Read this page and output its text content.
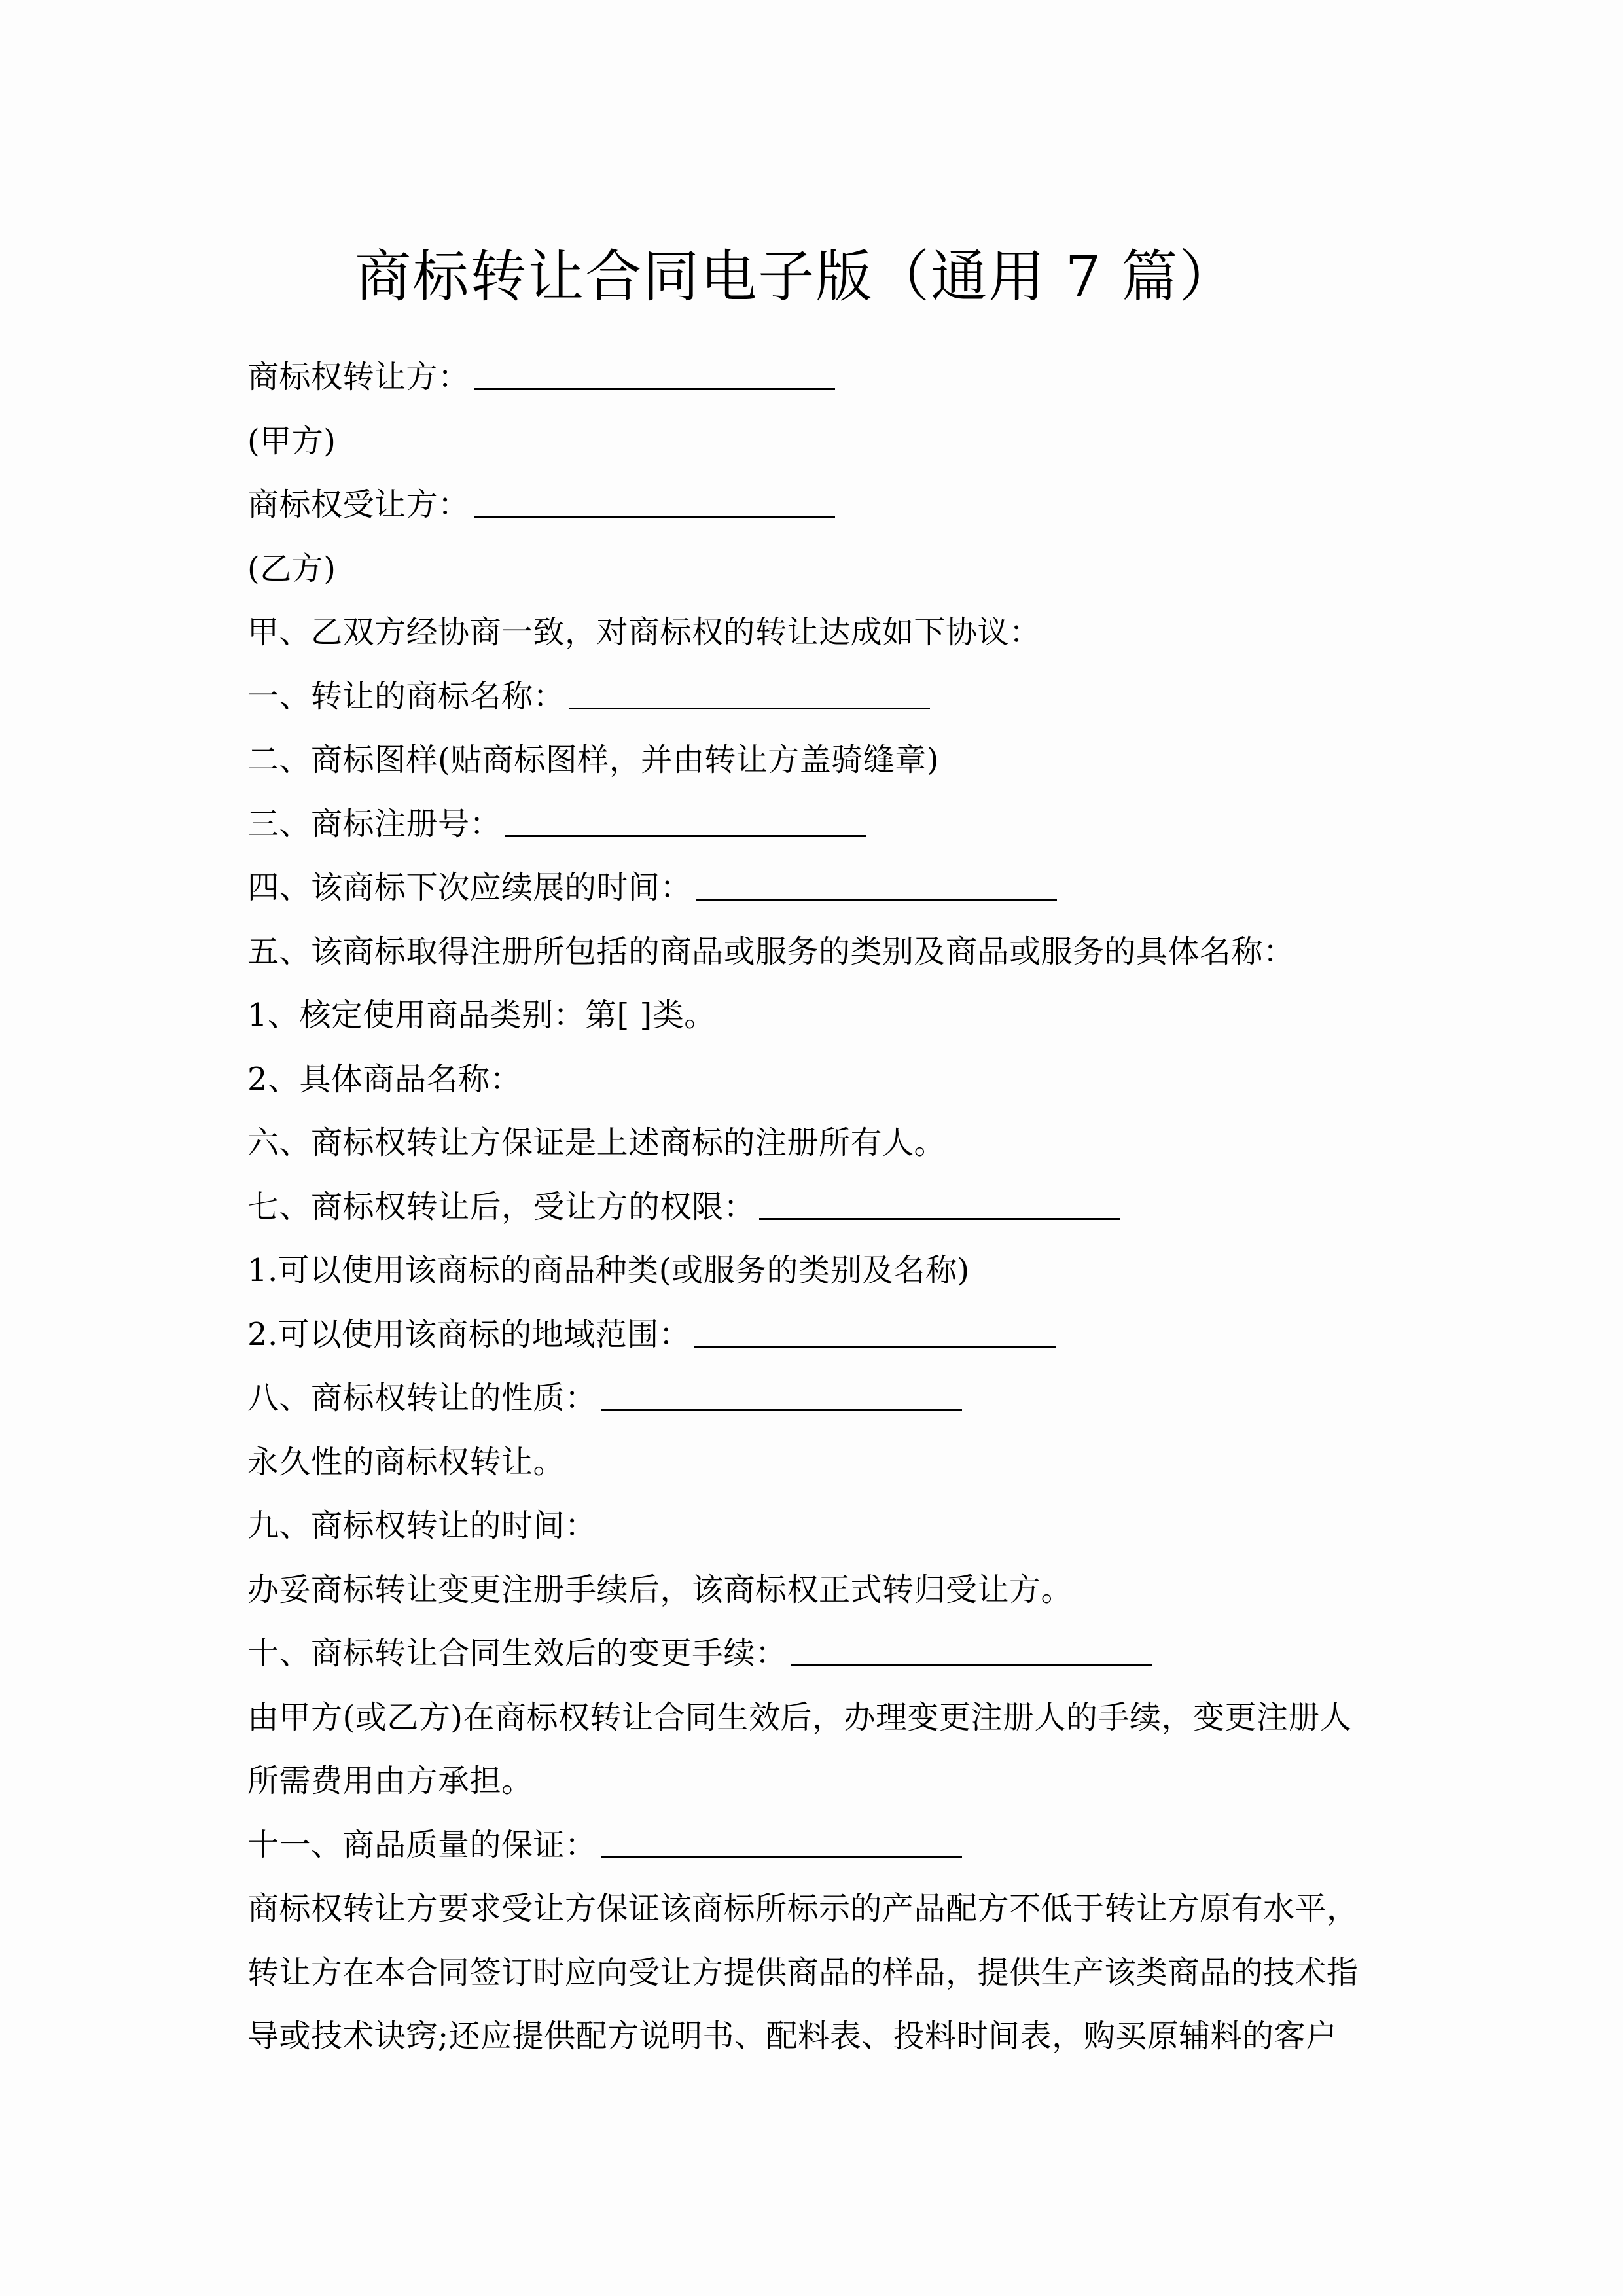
商标转让合同电子版（通用 7 篇）
商标权转让方：
(甲方)
商标权受让方：
(乙方)
甲、乙双方经协商一致，对商标权的转让达成如下协议：
一、转让的商标名称：
二、商标图样(贴商标图样，并由转让方盖骑缝章)
三、商标注册号：
四、该商标下次应续展的时间：
五、该商标取得注册所包括的商品或服务的类别及商品或服务的具体名称：
1、核定使用商品类别：第[ ]类。
2、具体商品名称：
六、商标权转让方保证是上述商标的注册所有人。
七、商标权转让后，受让方的权限：
1.可以使用该商标的商品种类(或服务的类别及名称)
2.可以使用该商标的地域范围：
八、商标权转让的性质：
永久性的商标权转让。
九、商标权转让的时间：
办妥商标转让变更注册手续后，该商标权正式转归受让方。
十、商标转让合同生效后的变更手续：
由甲方(或乙方)在商标权转让合同生效后，办理变更注册人的手续，变更注册人
所需费用由方承担。
十一、商品质量的保证：
商标权转让方要求受让方保证该商标所标示的产品配方不低于转让方原有水平，
转让方在本合同签订时应向受让方提供商品的样品，提供生产该类商品的技术指
导或技术诀窍;还应提供配方说明书、配料表、投料时间表，购买原辅料的客户
